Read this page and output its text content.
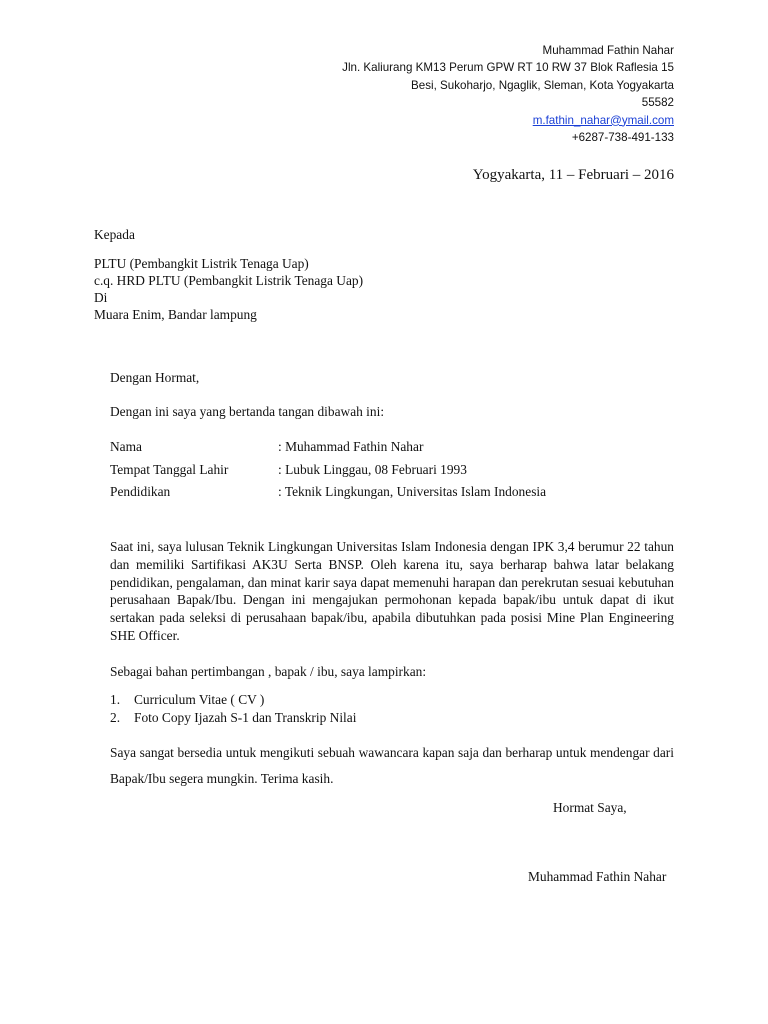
Muhammad Fathin Nahar
Jln. Kaliurang KM13 Perum GPW RT 10 RW 37 Blok Raflesia 15
Besi, Sukoharjo, Ngaglik, Sleman, Kota Yogyakarta
55582
m.fathin_nahar@ymail.com
+6287-738-491-133
Yogyakarta, 11 – Februari – 2016
Kepada
PLTU (Pembangkit Listrik Tenaga Uap)
c.q. HRD PLTU (Pembangkit Listrik Tenaga Uap)
Di
Muara Enim, Bandar lampung
Dengan Hormat,
Dengan ini saya yang bertanda tangan dibawah ini:
Nama	: Muhammad Fathin Nahar
Tempat Tanggal Lahir	: Lubuk Linggau, 08 Februari 1993
Pendidikan	: Teknik Lingkungan, Universitas Islam Indonesia
Saat ini, saya lulusan Teknik Lingkungan Universitas Islam Indonesia dengan IPK 3,4 berumur 22 tahun dan memiliki Sartifikasi AK3U Serta BNSP. Oleh karena itu, saya berharap bahwa latar belakang pendidikan, pengalaman, dan minat karir saya dapat memenuhi harapan dan perekrutan sesuai kebutuhan perusahaan Bapak/Ibu. Dengan ini mengajukan permohonan kepada bapak/ibu untuk dapat di ikut sertakan pada seleksi di perusahaan bapak/ibu, apabila dibutuhkan pada posisi Mine Plan Engineering SHE Officer.
Sebagai bahan pertimbangan , bapak / ibu, saya lampirkan:
1.	Curriculum Vitae ( CV )
2.	Foto Copy Ijazah S-1 dan Transkrip Nilai
Saya sangat bersedia untuk mengikuti sebuah wawancara kapan saja dan berharap untuk mendengar dari Bapak/Ibu segera mungkin. Terima kasih.
Hormat Saya,
Muhammad Fathin Nahar
